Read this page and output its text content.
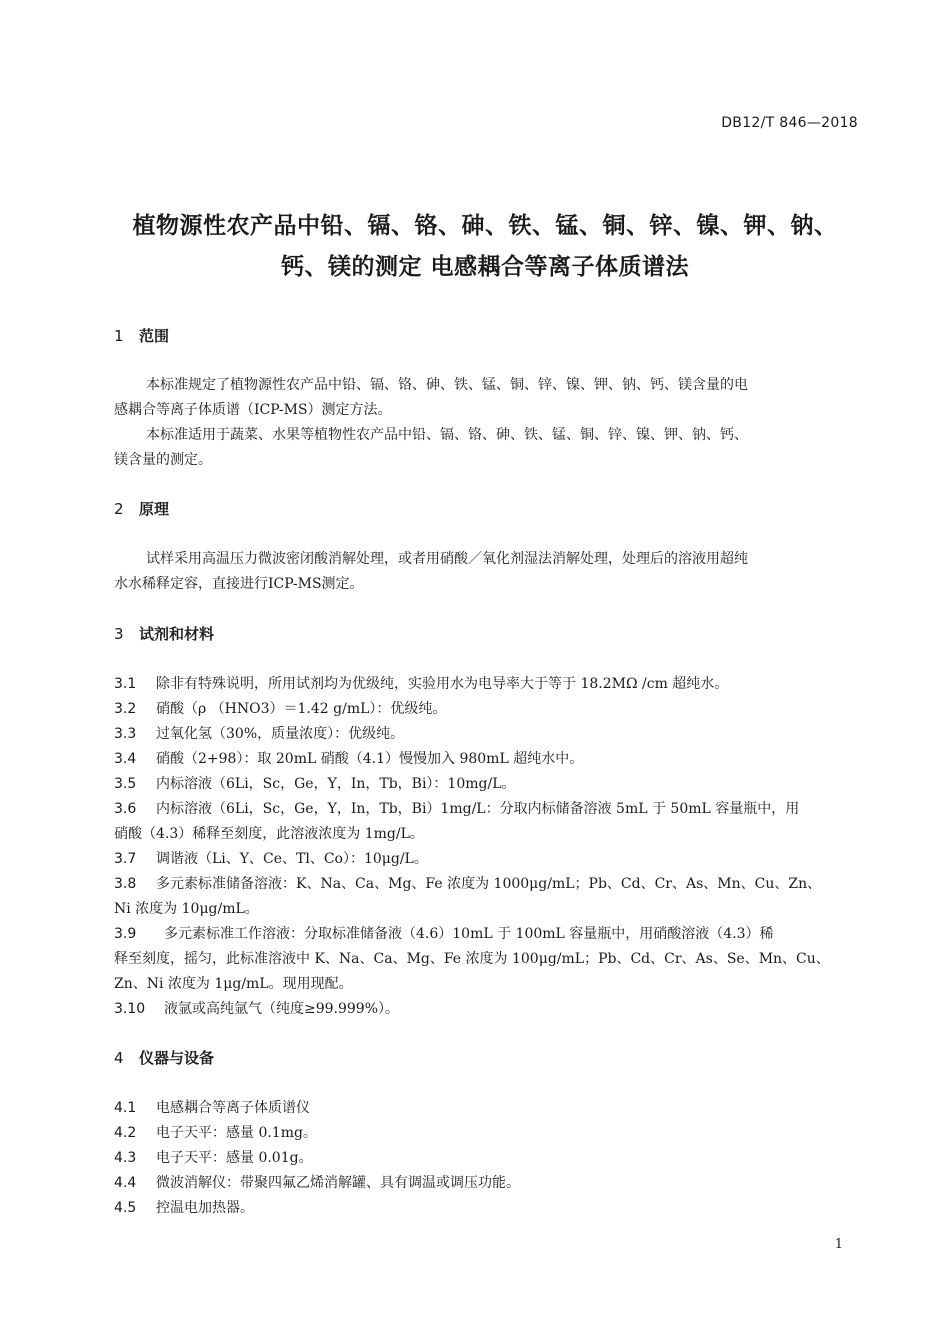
DB12/T 846—2018
植物源性农产品中铅、镉、铬、砷、铁、锰、铜、锌、镍、钾、钠、
钙、镁的测定 电感耦合等离子体质谱法
1 范围
本标准规定了植物源性农产品中铅、镉、铬、砷、铁、锰、铜、锌、镍、钾、钠、钙、镁含量的电
感耦合等离子体质谱（ICP-MS）测定方法。
本标准适用于蔬菜、水果等植物性农产品中铅、镉、铬、砷、铁、锰、铜、锌、镍、钾、钠、钙、
镁含量的测定。
2 原理
试样采用高温压力微波密闭酸消解处理，或者用硝酸／氧化剂湿法消解处理，处理后的溶液用超纯
水水稀释定容，直接进行ICP-MS测定。
3 试剂和材料
3.1 除非有特殊说明，所用试剂均为优级纯，实验用水为电导率大于等于 18.2MΩ /cm 超纯水。
3.2 硝酸（ρ （HNO3）＝1.42 g/mL）：优级纯。
3.3 过氧化氢（30%，质量浓度）：优级纯。
3.4 硝酸（2+98）：取 20mL 硝酸（4.1）慢慢加入 980mL 超纯水中。
3.5 内标溶液（6Li，Sc，Ge，Y，In，Tb，Bi）：10mg/L。
3.6 内标溶液（6Li，Sc，Ge，Y，In，Tb，Bi）1mg/L：分取内标储备溶液 5mL 于 50mL 容量瓶中，用
硝酸（4.3）稀释至刻度，此溶液浓度为 1mg/L。
3.7 调谐液（Li、Y、Ce、Tl、Co）：10μg/L。
3.8 多元素标准储备溶液：K、Na、Ca、Mg、Fe 浓度为 1000μg/mL；Pb、Cd、Cr、As、Mn、Cu、Zn、
Ni 浓度为 10μg/mL。
3.9 多元素标准工作溶液：分取标准储备液（4.6）10mL 于 100mL 容量瓶中，用硝酸溶液（4.3）稀
释至刻度，摇匀，此标准溶液中 K、Na、Ca、Mg、Fe 浓度为 100μg/mL；Pb、Cd、Cr、As、Se、Mn、Cu、
Zn、Ni 浓度为 1μg/mL。现用现配。
3.10 液氩或高纯氩气（纯度≥99.999%）。
4 仪器与设备
4.1 电感耦合等离子体质谱仪
4.2 电子天平：感量 0.1mg。
4.3 电子天平：感量 0.01g。
4.4 微波消解仪：带聚四氟乙烯消解罐、具有调温或调压功能。
4.5 控温电加热器。
1
